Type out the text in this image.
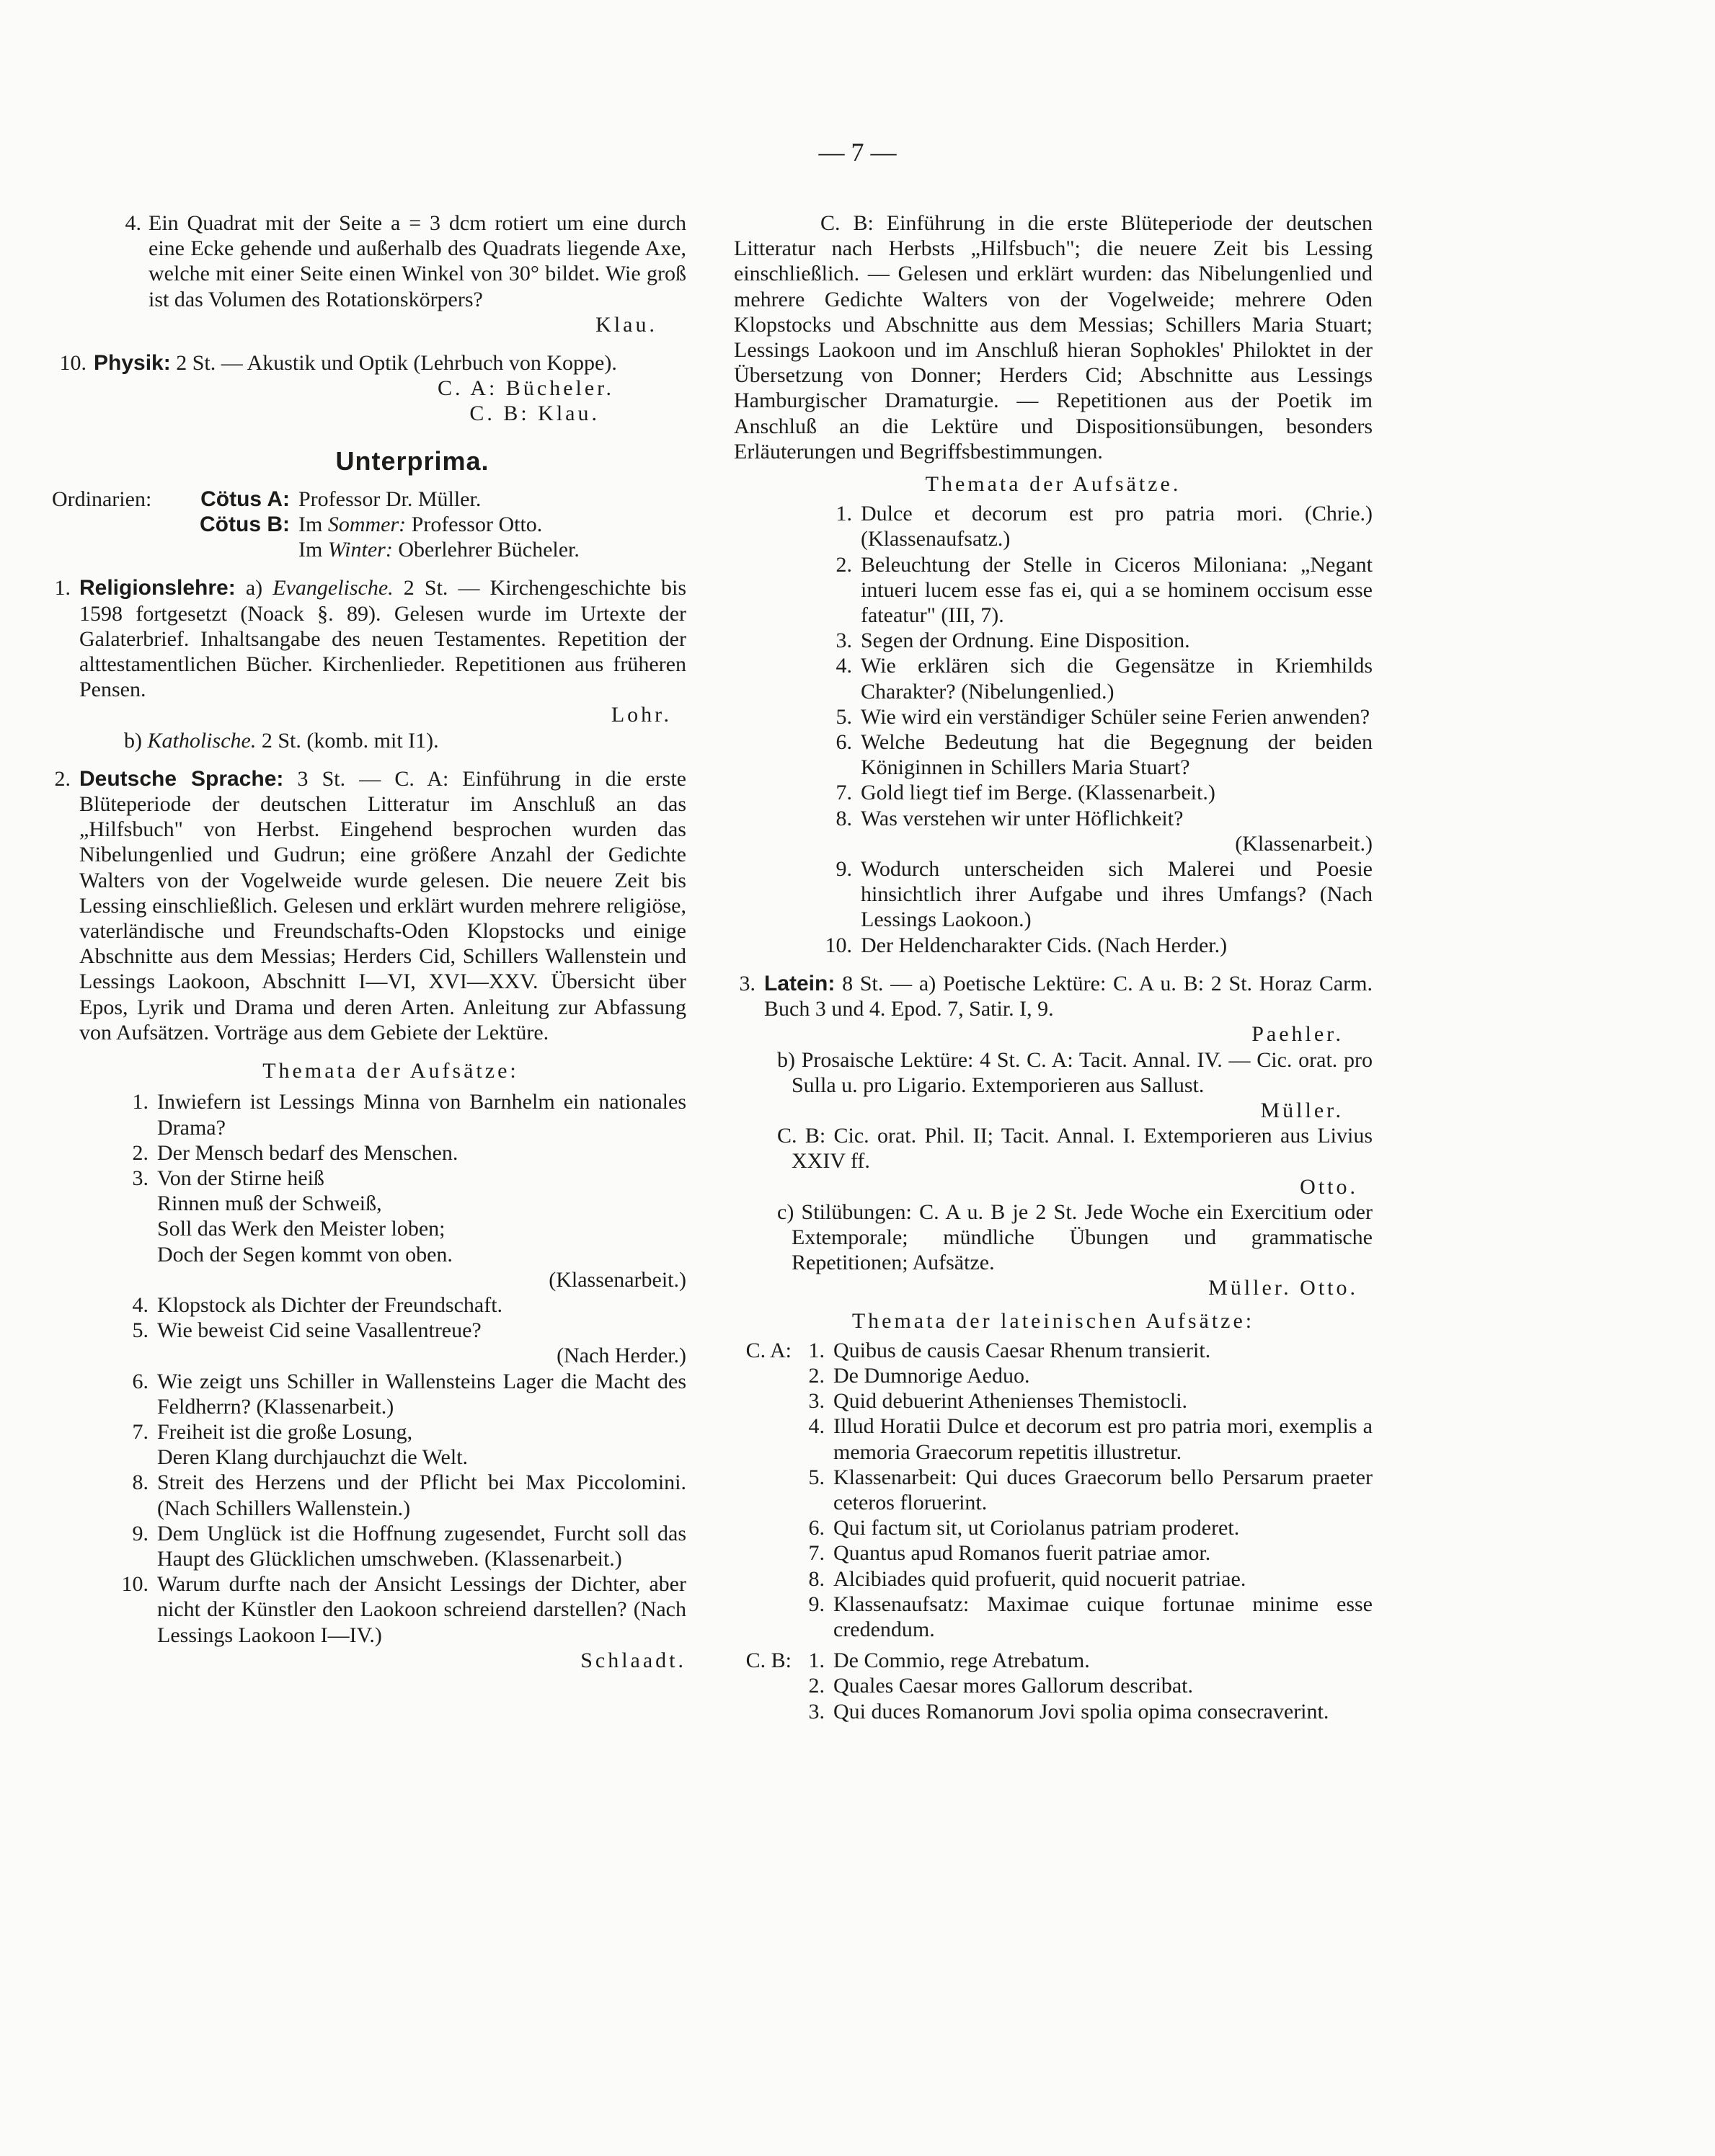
— 7 —
4. Ein Quadrat mit der Seite a = 3 dcm rotiert um eine durch eine Ecke gehende und außerhalb des Quadrats liegende Axe, welche mit einer Seite einen Winkel von 30° bildet. Wie groß ist das Volumen des Rotationskörpers?
Klau.
10. Physik: 2 St. — Akustik und Optik (Lehrbuch von Koppe).
C. A: Bücheler.
C. B: Klau.
Unterprima.
Ordinarien:	Cötus A: Professor Dr. Müller.
Cötus B: Im Sommer: Professor Otto.
Im Winter: Oberlehrer Bücheler.
1. Religionslehre: a) Evangelische. 2 St. — Kirchengeschichte bis 1598 fortgesetzt (Noack §. 89). Gelesen wurde im Urtexte der Galaterbrief. Inhaltsangabe des neuen Testamentes. Repetition der alttestamentlichen Bücher. Kirchenlieder. Repetitionen aus früheren Pensen.
Lohr.
b) Katholische. 2 St. (komb. mit I1).
2. Deutsche Sprache: 3 St. — C. A: Einführung in die erste Blüteperiode der deutschen Litteratur im Anschluß an das „Hilfsbuch" von Herbst. Eingehend besprochen wurden das Nibelungenlied und Gudrun; eine größere Anzahl der Gedichte Walters von der Vogelweide wurde gelesen. Die neuere Zeit bis Lessing einschließlich. Gelesen und erklärt wurden mehrere religiöse, vaterländische und Freundschafts-Oden Klopstocks und einige Abschnitte aus dem Messias; Herders Cid, Schillers Wallenstein und Lessings Laokoon, Abschnitt I—VI, XVI—XXV. Übersicht über Epos, Lyrik und Drama und deren Arten. Anleitung zur Abfassung von Aufsätzen. Vorträge aus dem Gebiete der Lektüre.
Themata der Aufsätze:
1. Inwiefern ist Lessings Minna von Barnhelm ein nationales Drama?
2. Der Mensch bedarf des Menschen.
3. Von der Stirne heiß
Rinnen muß der Schweiß,
Soll das Werk den Meister loben;
Doch der Segen kommt von oben.
(Klassenarbeit.)
4. Klopstock als Dichter der Freundschaft.
5. Wie beweist Cid seine Vasallentreue?
(Nach Herder.)
6. Wie zeigt uns Schiller in Wallensteins Lager die Macht des Feldherrn? (Klassenarbeit.)
7. Freiheit ist die große Losung,
Deren Klang durchjauchzt die Welt.
8. Streit des Herzens und der Pflicht bei Max Piccolomini. (Nach Schillers Wallenstein.)
9. Dem Unglück ist die Hoffnung zugesendet, Furcht soll das Haupt des Glücklichen umschweben. (Klassenarbeit.)
10. Warum durfte nach der Ansicht Lessings der Dichter, aber nicht der Künstler den Laokoon schreiend darstellen? (Nach Lessings Laokoon I—IV.)
Schlaadt.

C. B: Einführung in die erste Blüteperiode der deutschen Litteratur nach Herbsts „Hilfsbuch"; die neuere Zeit bis Lessing einschließlich. — Gelesen und erklärt wurden: das Nibelungenlied und mehrere Gedichte Walters von der Vogelweide; mehrere Oden Klopstocks und Abschnitte aus dem Messias; Schillers Maria Stuart; Lessings Laokoon und im Anschluß hieran Sophokles' Philoktet in der Übersetzung von Donner; Herders Cid; Abschnitte aus Lessings Hamburgischer Dramaturgie. — Repetitionen aus der Poetik im Anschluß an die Lektüre und Dispositionsübungen, besonders Erläuterungen und Begriffsbestimmungen.

Themata der Aufsätze.
1. Dulce et decorum est pro patria mori. (Chrie.) (Klassenaufsatz.)
2. Beleuchtung der Stelle in Ciceros Miloniana: „Negant intueri lucem esse fas ei, qui a se hominem occisum esse fateatur" (III, 7).
3. Segen der Ordnung. Eine Disposition.
4. Wie erklären sich die Gegensätze in Kriemhilds Charakter? (Nibelungenlied.)
5. Wie wird ein verständiger Schüler seine Ferien anwenden?
6. Welche Bedeutung hat die Begegnung der beiden Königinnen in Schillers Maria Stuart?
7. Gold liegt tief im Berge. (Klassenarbeit.)
8. Was verstehen wir unter Höflichkeit?
(Klassenarbeit.)
9. Wodurch unterscheiden sich Malerei und Poesie hinsichtlich ihrer Aufgabe und ihres Umfangs? (Nach Lessings Laokoon.)
10. Der Heldencharakter Cids. (Nach Herder.)
3. Latein: 8 St. — a) Poetische Lektüre: C. A u. B: 2 St. Horaz Carm. Buch 3 und 4. Epod. 7, Satir. I, 9.
Paehler.

b) Prosaische Lektüre: 4 St. C. A: Tacit. Annal. IV. — Cic. orat. pro Sulla u. pro Ligario. Extemporieren aus Sallust.

Müller.

C. B: Cic. orat. Phil. II; Tacit. Annal. I. Extemporieren aus Livius XXIV ff.

Otto.

c) Stilübungen: C. A u. B je 2 St. Jede Woche ein Exercitium oder Extemporale; mündliche Übungen und grammatische Repetitionen; Aufsätze.

Müller. Otto.
Themata der lateinischen Aufsätze:
C. A: 1. Quibus de causis Caesar Rhenum transierit.
2. De Dumnorige Aeduo.
3. Quid debuerint Athenienses Themistocli.
4. Illud Horatii Dulce et decorum est pro patria mori, exemplis a memoria Graecorum repetitis illustretur.
5. Klassenarbeit: Qui duces Graecorum bello Persarum praeter ceteros floruerint.
6. Qui factum sit, ut Coriolanus patriam proderet.
7. Quantus apud Romanos fuerit patriae amor.
8. Alcibiades quid profuerit, quid nocuerit patriae.
9. Klassenaufsatz: Maximae cuique fortunae minime esse credendum.
C. B: 1. De Commio, rege Atrebatum.
2. Quales Caesar mores Gallorum describat.
3. Qui duces Romanorum Jovi spolia opima consecraverint.
